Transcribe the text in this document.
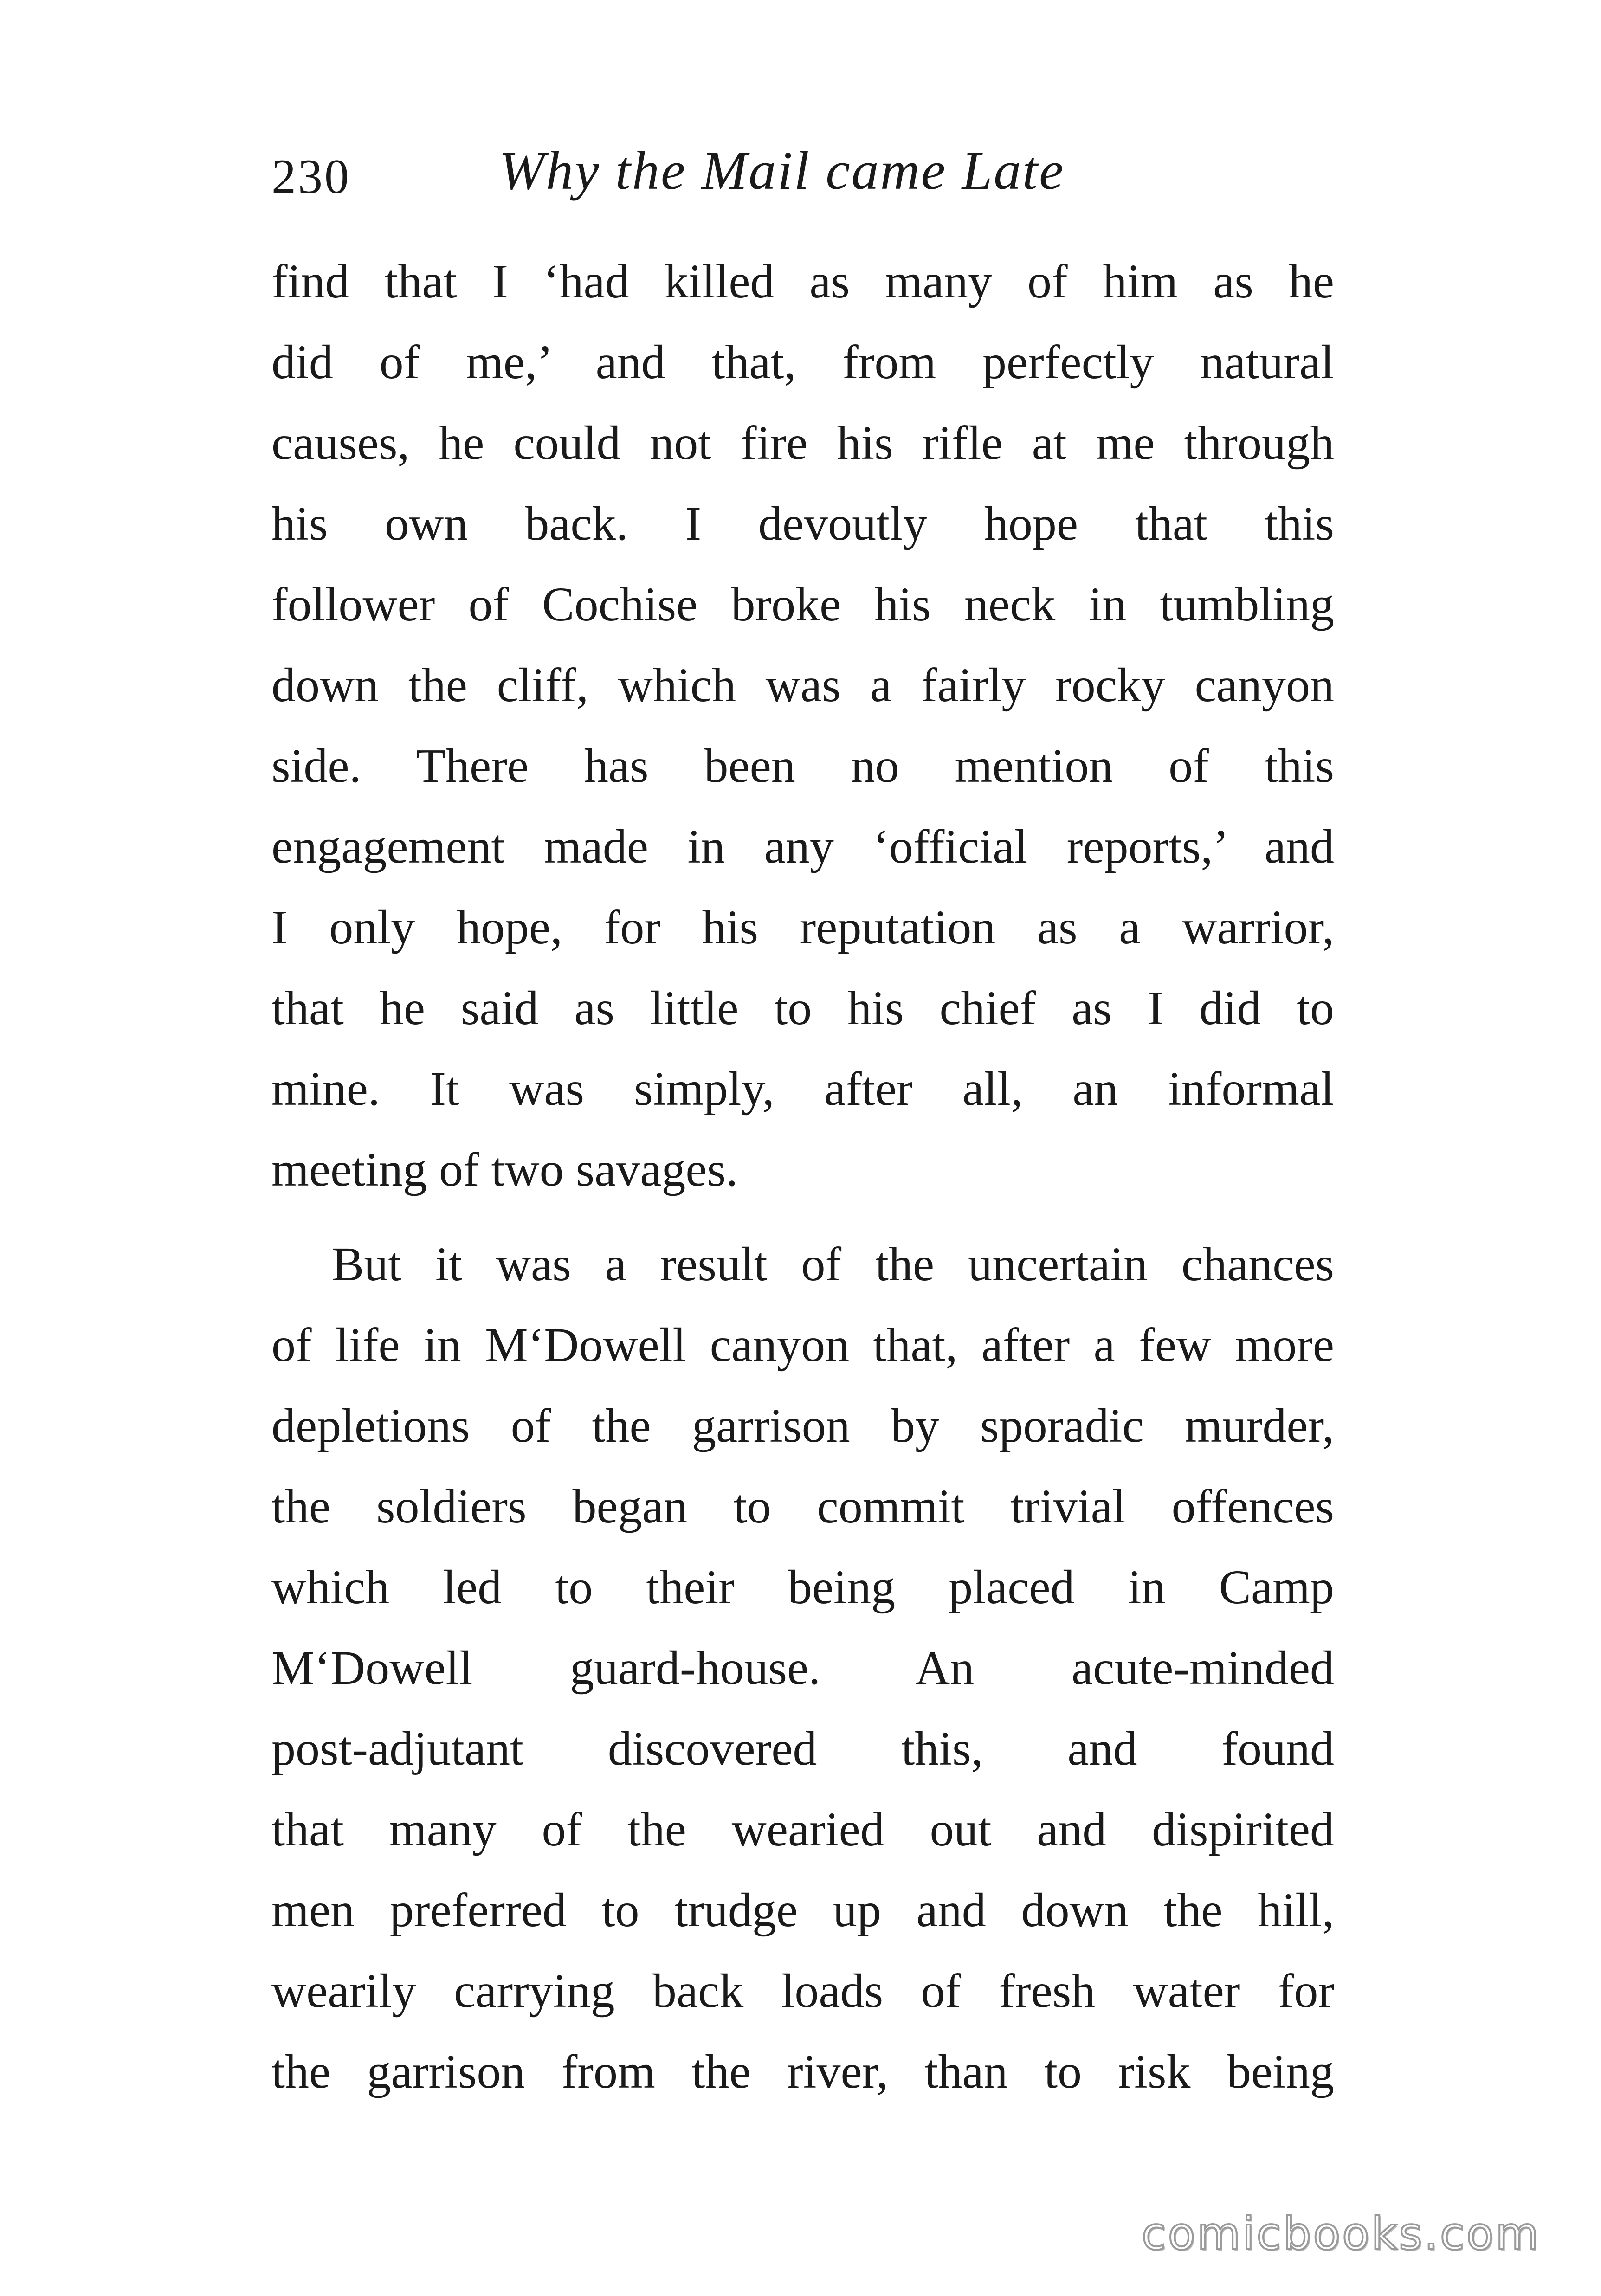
230	Why the Mail came Late
find that I ‘had killed as many of him as he
did of me,’ and that, from perfectly natural
causes, he could not fire his rifle at me through
his own back. I devoutly hope that this
follower of Cochise broke his neck in tumbling
down the cliff, which was a fairly rocky canyon
side. There has been no mention of this
engagement made in any ‘official reports,’ and
I only hope, for his reputation as a warrior,
that he said as little to his chief as I did to
mine. It was simply, after all, an informal
meeting of two savages.
But it was a result of the uncertain chances
of life in M‘Dowell canyon that, after a few more
depletions of the garrison by sporadic murder,
the soldiers began to commit trivial offences
which led to their being placed in Camp
M‘Dowell guard-house. An acute-minded
post-adjutant discovered this, and found
that many of the wearied out and dispirited
men preferred to trudge up and down the hill,
wearily carrying back loads of fresh water for
the garrison from the river, than to risk being
comicbooks.com
